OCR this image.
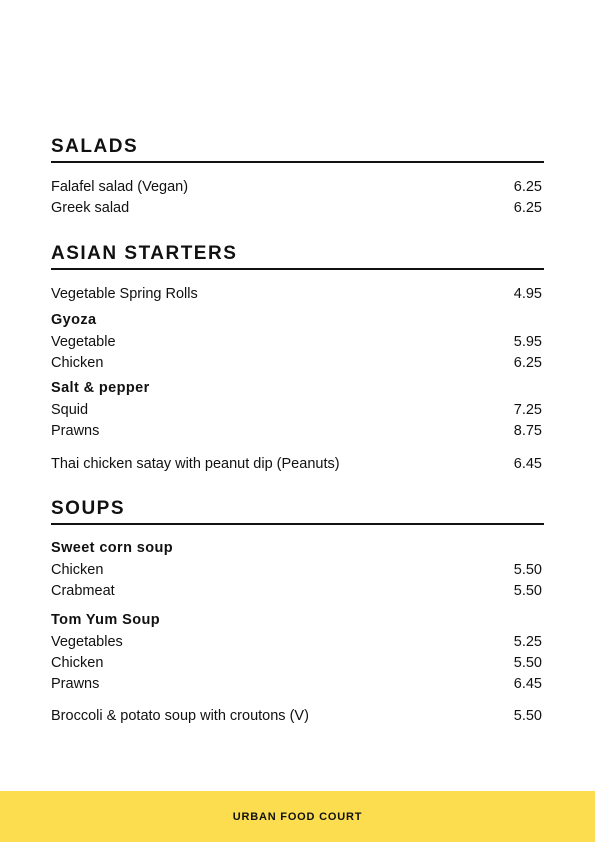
SALADS
Falafel salad (Vegan)	6.25
Greek salad	6.25
ASIAN STARTERS
Vegetable Spring Rolls	4.95
Gyoza
Vegetable	5.95
Chicken	6.25
Salt & pepper
Squid	7.25
Prawns	8.75
Thai chicken satay with peanut dip (Peanuts)	6.45
SOUPS
Sweet corn soup
Chicken	5.50
Crabmeat	5.50
Tom Yum Soup
Vegetables	5.25
Chicken	5.50
Prawns	6.45
Broccoli & potato soup with croutons (V)	5.50
URBAN FOOD COURT
